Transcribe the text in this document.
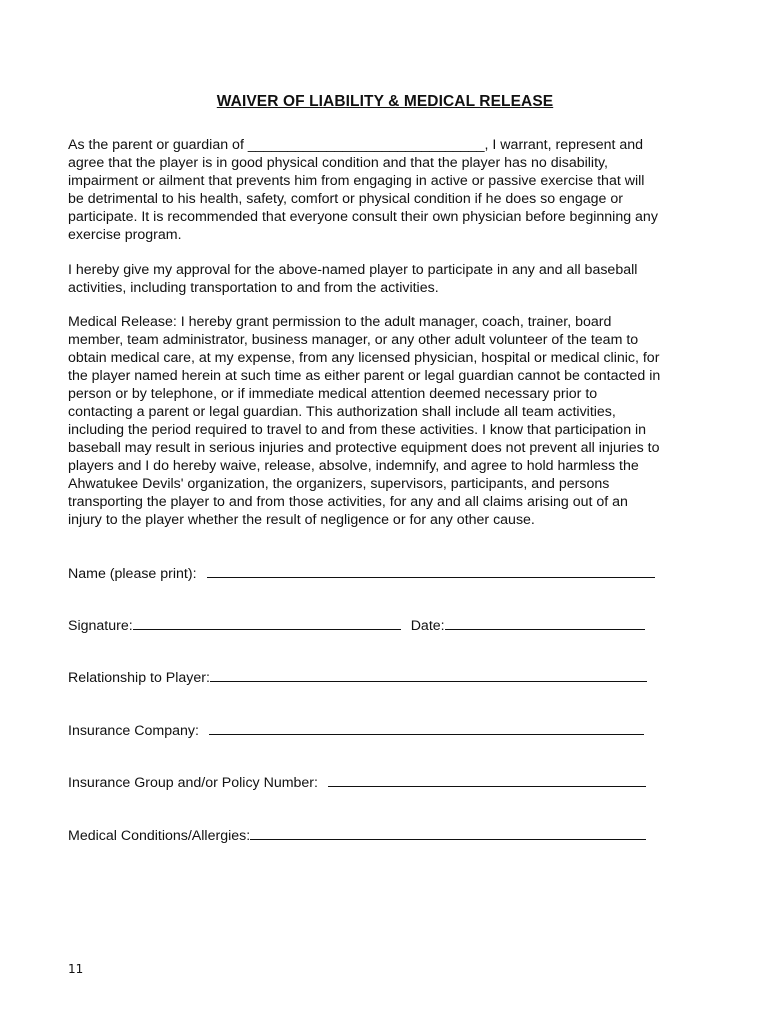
WAIVER OF LIABILITY & MEDICAL RELEASE
As the parent or guardian of ______________________________, I warrant, represent and
agree that the player is in good physical condition and that the player has no disability,
impairment or ailment that prevents him from engaging in active or passive exercise that will
be detrimental to his health, safety, comfort or physical condition if he does so engage or
participate. It is recommended that everyone consult their own physician before beginning any
exercise program.
I hereby give my approval for the above-named player to participate in any and all baseball
activities, including transportation to and from the activities.
Medical Release: I hereby grant permission to the adult manager, coach, trainer, board
member, team administrator, business manager, or any other adult volunteer of the team to
obtain medical care, at my expense, from any licensed physician, hospital or medical clinic, for
the player named herein at such time as either parent or legal guardian cannot be contacted in
person or by telephone, or if immediate medical attention deemed necessary prior to
contacting a parent or legal guardian. This authorization shall include all team activities,
including the period required to travel to and from these activities. I know that participation in
baseball may result in serious injuries and protective equipment does not prevent all injuries to
players and I do hereby waive, release, absolve, indemnify, and agree to hold harmless the
Ahwatukee Devils' organization, the organizers, supervisors, participants, and persons
transporting the player to and from those activities, for any and all claims arising out of an
injury to the player whether the result of negligence or for any other cause.
Name (please print):
Signature:	Date:
Relationship to Player:
Insurance Company:
Insurance Group and/or Policy Number:
Medical Conditions/Allergies:
11
